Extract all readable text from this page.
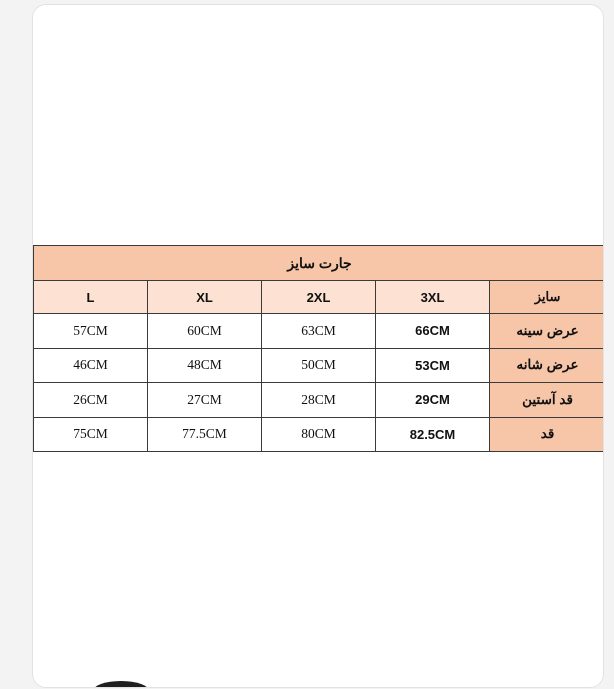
جارت سایز				
L	XL	2XL	3XL	سایز
57CM	60CM	63CM	66CM	عرض سینه
46CM	48CM	50CM	53CM	عرض شانه
26CM	27CM	28CM	29CM	قد آستین
75CM	77.5CM	80CM	82.5CM	قد
